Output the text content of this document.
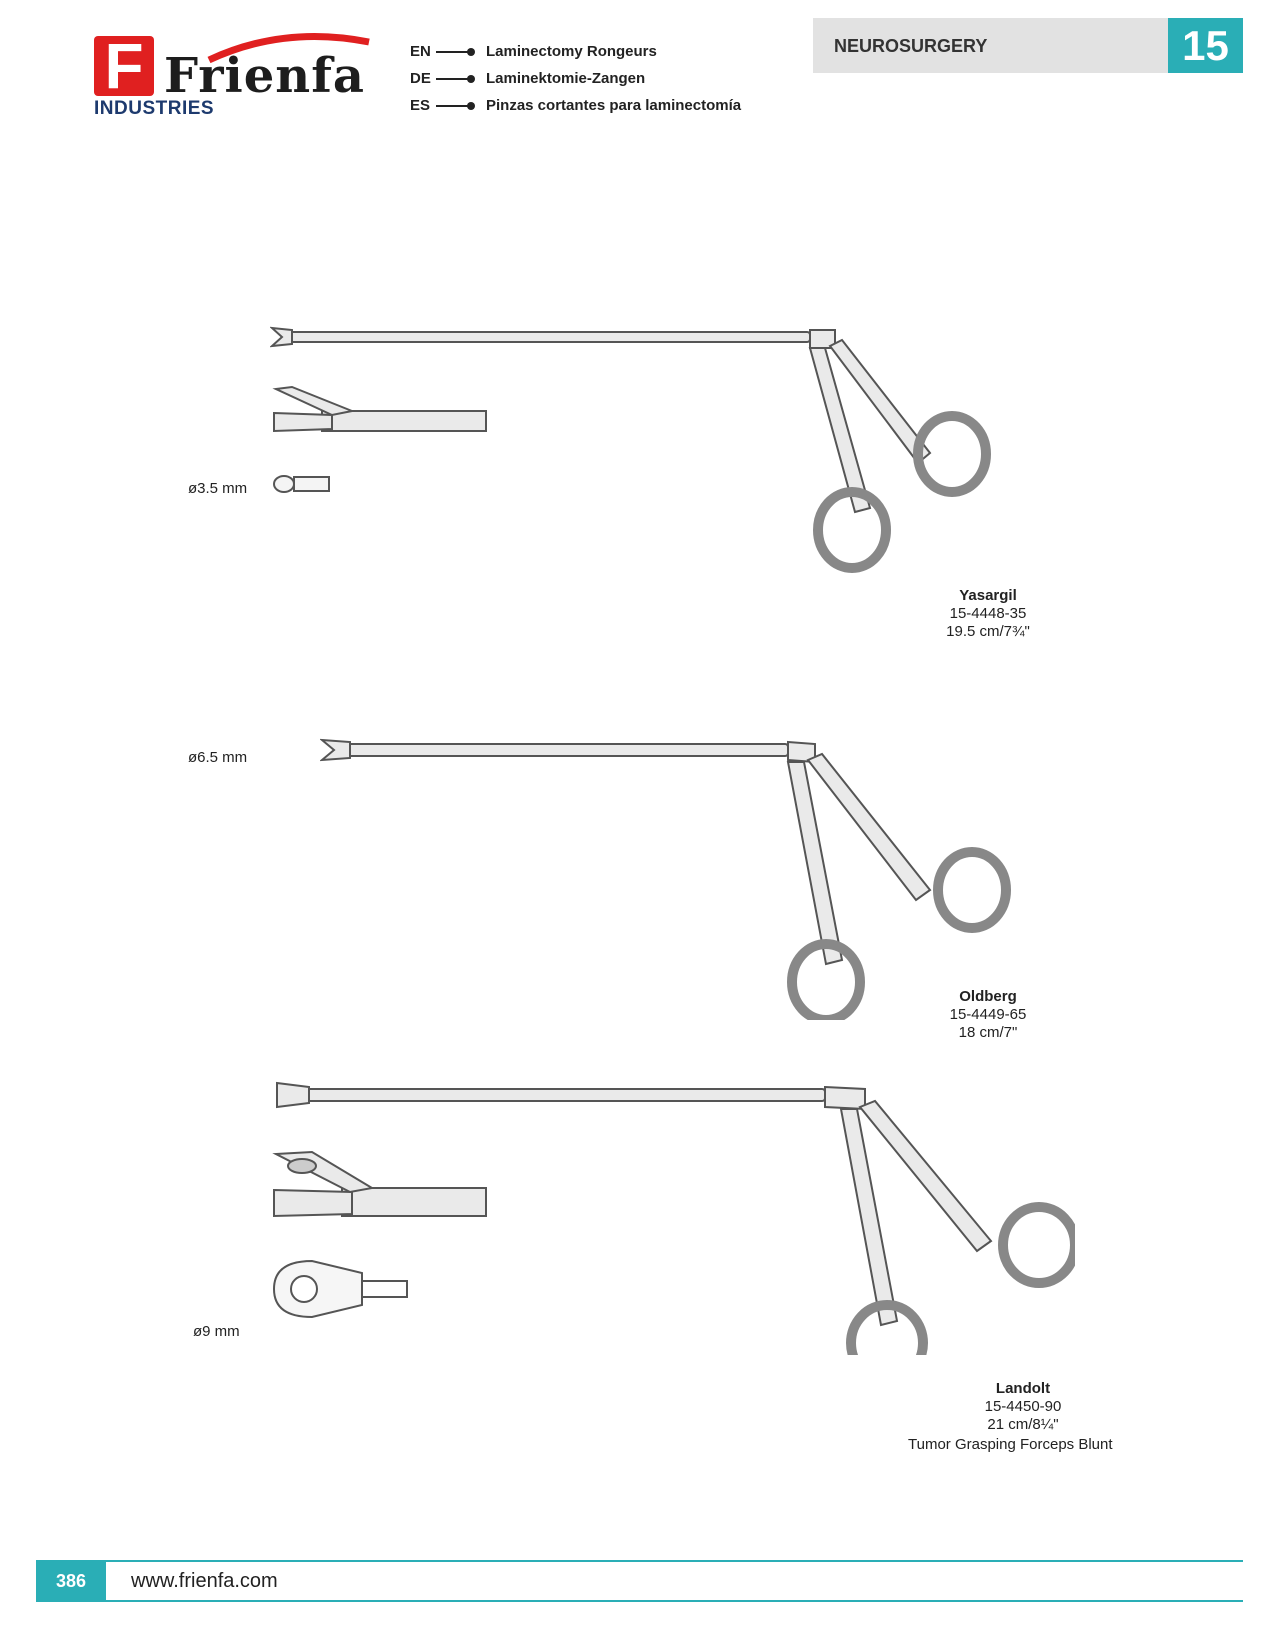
F Frienfa
INDUSTRIES
EN	Laminectomy Rongeurs
DE	Laminektomie-Zangen
ES	Pinzas cortantes para laminectomía
NEUROSURGERY	15
ø3.5 mm
Yasargil
15-4448-35
19.5 cm/7¾"
ø6.5 mm
Oldberg
15-4449-65
18 cm/7"
ø9 mm
Landolt
15-4450-90
21 cm/8¼"
Tumor Grasping Forceps Blunt
386	www.frienfa.com
